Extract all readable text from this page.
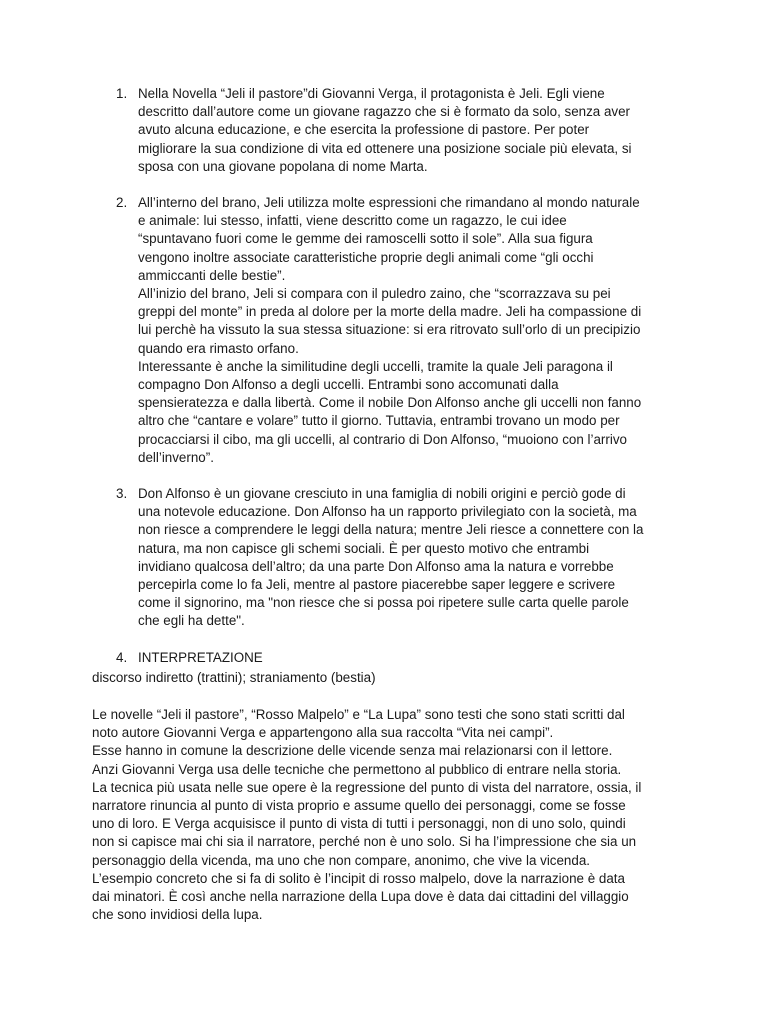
1. Nella Novella “Jeli il pastore”di Giovanni Verga, il protagonista è Jeli. Egli viene
descritto dall’autore come un giovane ragazzo che si è formato da solo, senza aver
avuto alcuna educazione, e che esercita la professione di pastore. Per poter
migliorare la sua condizione di vita ed ottenere una posizione sociale più elevata, si
sposa con una giovane popolana di nome Marta.
2. All’interno del brano, Jeli utilizza molte espressioni che rimandano al mondo naturale
e animale: lui stesso, infatti, viene descritto come un ragazzo, le cui idee
“spuntavano fuori come le gemme dei ramoscelli sotto il sole”. Alla sua figura
vengono inoltre associate caratteristiche proprie degli animali come “gli occhi
ammiccanti delle bestie”.
All’inizio del brano, Jeli si compara con il puledro zaino, che “scorrazzava su pei
greppi del monte” in preda al dolore per la morte della madre. Jeli ha compassione di
lui perchè ha vissuto la sua stessa situazione: si era ritrovato sull’orlo di un precipizio
quando era rimasto orfano.
Interessante è anche la similitudine degli uccelli, tramite la quale Jeli paragona il
compagno Don Alfonso a degli uccelli. Entrambi sono accomunati dalla
spensieratezza e dalla libertà. Come il nobile Don Alfonso anche gli uccelli non fanno
altro che “cantare e volare” tutto il giorno. Tuttavia, entrambi trovano un modo per
procacciarsi il cibo, ma gli uccelli, al contrario di Don Alfonso, “muoiono con l’arrivo
dell’inverno”.
3. Don Alfonso è un giovane cresciuto in una famiglia di nobili origini e perciò gode di
una notevole educazione. Don Alfonso ha un rapporto privilegiato con la società, ma
non riesce a comprendere le leggi della natura; mentre Jeli riesce a connettere con la
natura, ma non capisce gli schemi sociali. È per questo motivo che entrambi
invidiano qualcosa dell’altro; da una parte Don Alfonso ama la natura e vorrebbe
percepirla come lo fa Jeli, mentre al pastore piacerebbe saper leggere e scrivere
come il signorino, ma "non riesce che si possa poi ripetere sulle carta quelle parole
che egli ha dette".
4. INTERPRETAZIONE
discorso indiretto (trattini); straniamento (bestia)
Le novelle “Jeli il pastore”, “Rosso Malpelo” e “La Lupa” sono testi che sono stati scritti dal
noto autore Giovanni Verga e appartengono alla sua raccolta “Vita nei campi”.
Esse hanno in comune la descrizione delle vicende senza mai relazionarsi con il lettore.
Anzi Giovanni Verga usa delle tecniche che permettono al pubblico di entrare nella storia.
La tecnica più usata nelle sue opere è la regressione del punto di vista del narratore, ossia, il
narratore rinuncia al punto di vista proprio e assume quello dei personaggi, come se fosse
uno di loro. E Verga acquisisce il punto di vista di tutti i personaggi, non di uno solo, quindi
non si capisce mai chi sia il narratore, perché non è uno solo. Si ha l’impressione che sia un
personaggio della vicenda, ma uno che non compare, anonimo, che vive la vicenda.
L’esempio concreto che si fa di solito è l’incipit di rosso malpelo, dove la narrazione è data
dai minatori. È così anche nella narrazione della Lupa dove è data dai cittadini del villaggio
che sono invidiosi della lupa.
